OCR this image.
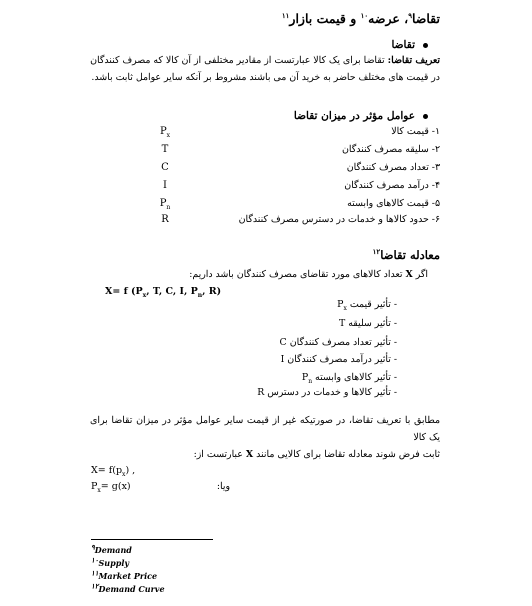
تقاضا$^۹$، عرضه$^{۱۰}$ و قیمت بازار$^{۱۱}$
تقاضا
تعریف تقاضا: تقاضا برای یک کالا عبارتست از مقادیر مختلفی از آن کالا که مصرف کنندگان
در قیمت های مختلف حاضر به خرید آن می باشند مشروط بر آنکه سایر عوامل ثابت باشد.
عوامل مؤثر در میزان تقاضا
۱- قیمت کالا
$P_x$
۲- سلیقه مصرف کنندگان
T
۳- تعداد مصرف کنندگان
C
۴- درآمد مصرف کنندگان
I
۵- قیمت کالاهای وابسته
$P_n$
۶- حدود کالاها و خدمات در دسترس مصرف کنندگان
R
معادله تقاضا$^{۱۲}$
اگر X تعداد کالاهای مورد تقاضای مصرف کنندگان باشد داریم:
X= f ($P_x$, T, C, I, $P_n$, R)
- تأثیر قیمت $P_x$
- تأثیر سلیقه T
- تأثیر تعداد مصرف کنندگان C
- تأثیر درآمد مصرف کنندگان I
- تأثیر کالاهای وابسته $P_n$
- تأثیر کالاها و خدمات در دسترس R
مطابق با تعریف تقاضا، در صورتیکه غیر از قیمت سایر عوامل مؤثر در میزان تقاضا برای یک کالا
ثابت فرض شوند معادله تقاضا برای کالایی مانند X عبارتست از:
$X= f(p_x)$ ,
$P_x= g(x)$	ویا:
$^۹$Demand
$^{۱۰}$Supply
$^{۱۱}$Market Price
$^{۱۲}$Demand Curve
